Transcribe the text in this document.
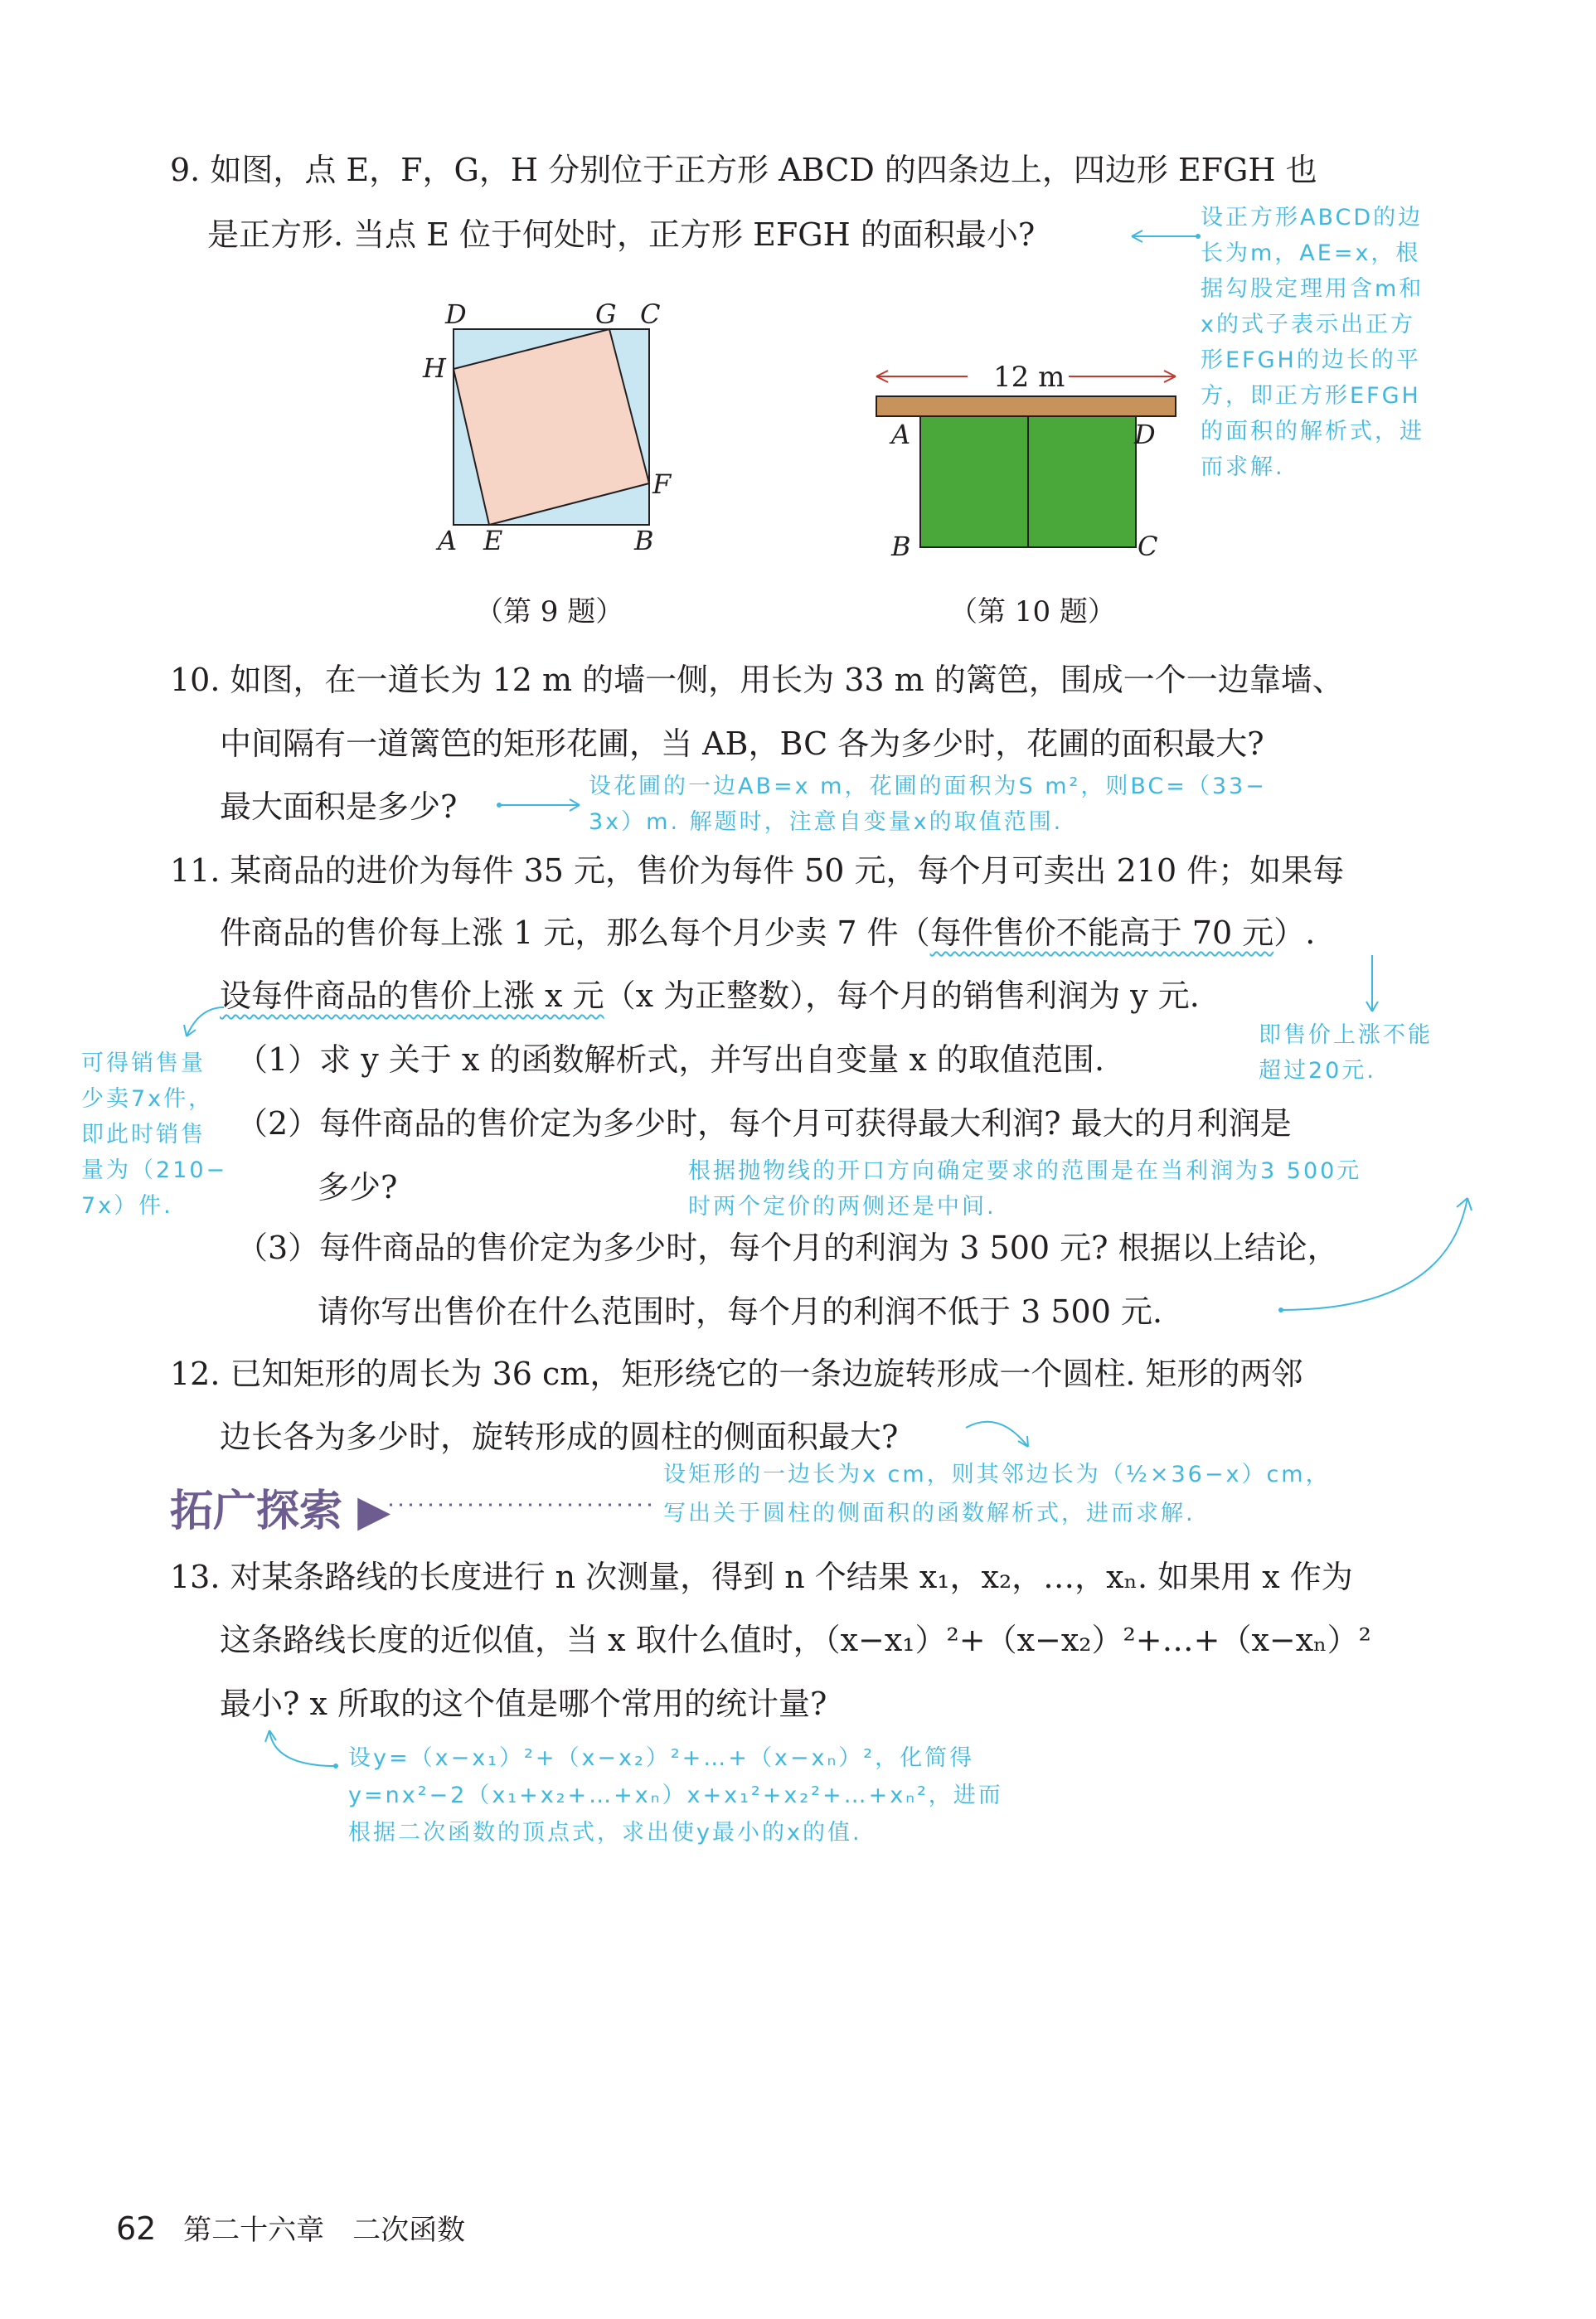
9. 如图，点 E，F，G，H 分别位于正方形 ABCD 的四条边上，四边形 EFGH 也
是正方形. 当点 E 位于何处时，正方形 EFGH 的面积最小?	设正方形ABCD的边
长为m，AE=x，根
据勾股定理用含m和
x的式子表示出正方
形EFGH的边长的平
方，即正方形EFGH
的面积的解析式，进
而求解.
D	G C
H
F
A E	B
（第 9 题）
12 m
A	D
B	C
（第 10 题）
10. 如图，在一道长为 12 m 的墙一侧，用长为 33 m 的篱笆，围成一个一边靠墙、
中间隔有一道篱笆的矩形花圃，当 AB，BC 各为多少时，花圃的面积最大?
最大面积是多少?
设花圃的一边AB=x m，花圃的面积为S m²，则BC=（33−
3x）m. 解题时，注意自变量x的取值范围.
11. 某商品的进价为每件 35 元，售价为每件 50 元，每个月可卖出 210 件；如果每
件商品的售价每上涨 1 元，那么每个月少卖 7 件（每件售价不能高于 70 元）.
设每件商品的售价上涨 x 元（x 为正整数），每个月的销售利润为 y 元.
即售价上涨不能
超过20元.
可得销售量
少卖7x件，
即此时销售
量为（210−
7x）件.
（1）求 y 关于 x 的函数解析式，并写出自变量 x 的取值范围.
（2）每件商品的售价定为多少时，每个月可获得最大利润? 最大的月利润是
多少?	根据抛物线的开口方向确定要求的范围是在当利润为3 500元
时两个定价的两侧还是中间.
（3）每件商品的售价定为多少时，每个月的利润为 3 500 元? 根据以上结论，
请你写出售价在什么范围时，每个月的利润不低于 3 500 元.
12. 已知矩形的周长为 36 cm，矩形绕它的一条边旋转形成一个圆柱. 矩形的两邻
边长各为多少时，旋转形成的圆柱的侧面积最大?
设矩形的一边长为x cm，则其邻边长为（½×36−x）cm，
写出关于圆柱的侧面积的函数解析式，进而求解.
拓广探索 ▶
13. 对某条路线的长度进行 n 次测量，得到 n 个结果 x₁，x₂，…，xₙ. 如果用 x 作为
这条路线长度的近似值，当 x 取什么值时，（x−x₁）²+（x−x₂）²+…+（x−xₙ）²
最小? x 所取的这个值是哪个常用的统计量?
设y=（x−x₁）²+（x−x₂）²+…+（x−xₙ）²，化简得
y=nx²−2（x₁+x₂+…+xₙ）x+x₁²+x₂²+…+xₙ²，进而
根据二次函数的顶点式，求出使y最小的x的值.
62 第二十六章　二次函数
